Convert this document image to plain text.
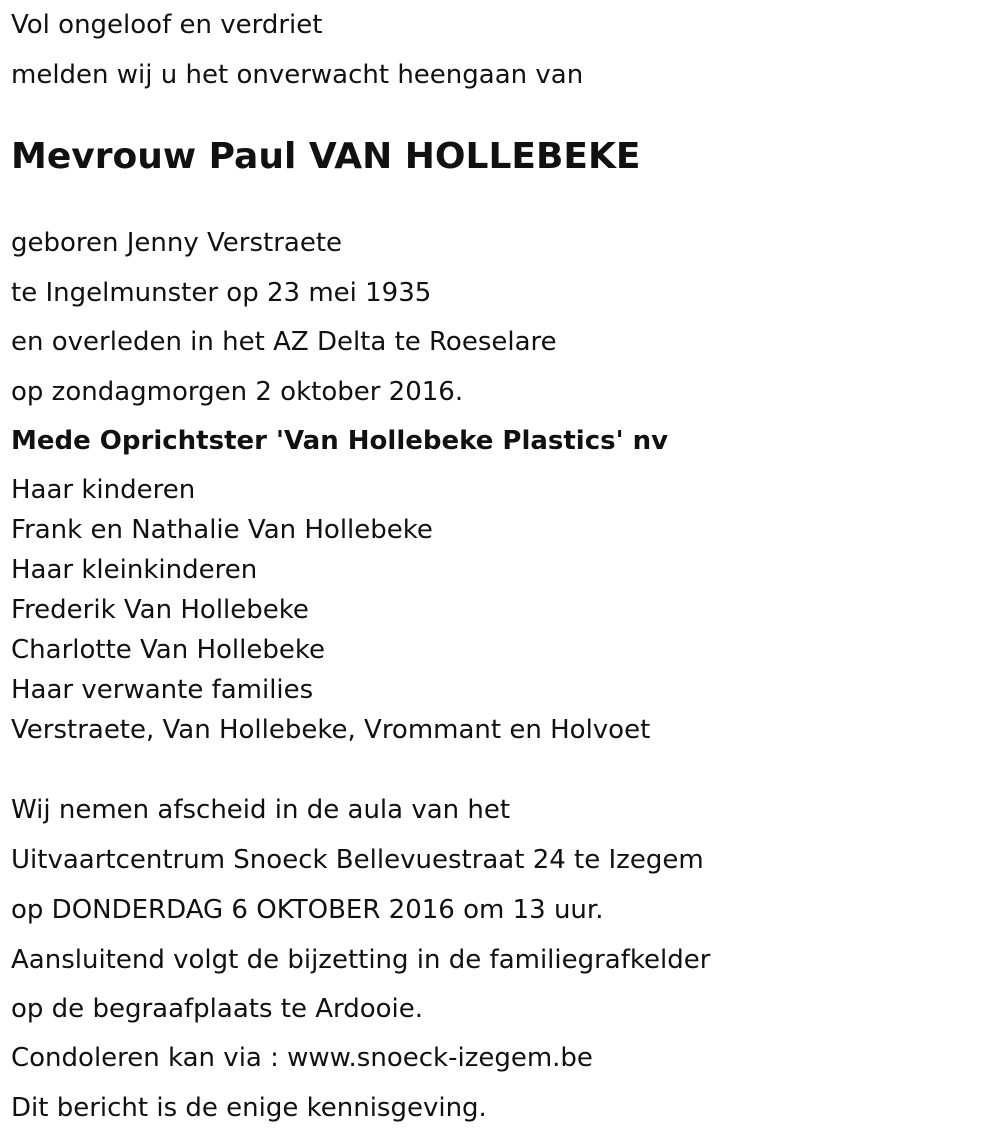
Vol ongeloof en verdriet
melden wij u het onverwacht heengaan van
Mevrouw Paul VAN HOLLEBEKE
geboren Jenny Verstraete
te Ingelmunster op 23 mei 1935
en overleden in het AZ Delta te Roeselare
op zondagmorgen 2 oktober 2016.
Mede Oprichtster 'Van Hollebeke Plastics' nv
Haar kinderen
Frank en Nathalie Van Hollebeke
Haar kleinkinderen
Frederik Van Hollebeke
Charlotte Van Hollebeke
Haar verwante families
Verstraete, Van Hollebeke, Vrommant en Holvoet
Wij nemen afscheid in de aula van het
Uitvaartcentrum Snoeck Bellevuestraat 24 te Izegem
op DONDERDAG 6 OKTOBER 2016 om 13 uur.
Aansluitend volgt de bijzetting in de familiegrafkelder
op de begraafplaats te Ardooie.
Condoleren kan via : www.snoeck-izegem.be
Dit bericht is de enige kennisgeving.
